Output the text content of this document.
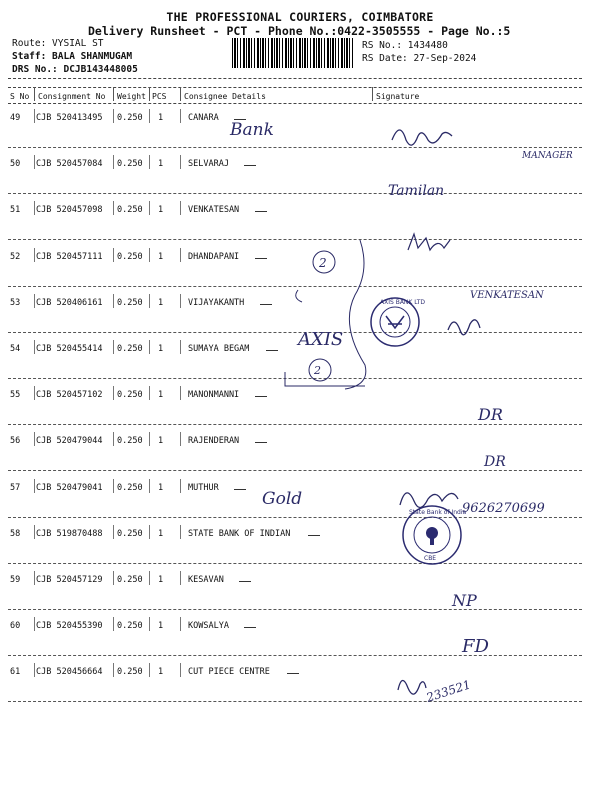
THE PROFESSIONAL COURIERS, COIMBATORE
Delivery Runsheet - PCT - Phone No.:0422-3505555 - Page No.:5
Route: VYSIAL ST
Staff: BALA SHANMUGAM
DRS No.: DCJB143448005
RS No.: 1434480
RS Date: 27-Sep-2024
S No Consignment No Weight PCS Consignee Details	Signature
49 CJB 520413495 0.250 1	CANARA
50 CJB 520457084 0.250 1	SELVARAJ
51 CJB 520457098 0.250 1	VENKATESAN
52 CJB 520457111 0.250 1	DHANDAPANI
53 CJB 520406161 0.250 1	VIJAYAKANTH
54 CJB 520455414 0.250 1	SUMAYA BEGAM
55 CJB 520457102 0.250 1	MANONMANNI
56 CJB 520479044 0.250 1	RAJENDERAN
57 CJB 520479041 0.250 1	MUTHUR
58 CJB 519870488 0.250 1	STATE BANK OF INDIAN
59 CJB 520457129 0.250 1	KESAVAN
60 CJB 520455390 0.250 1	KOWSALYA
61 CJB 520456664 0.250 1	CUT PIECE CENTRE
Bank
MANAGER
Tamilan
2
VENKATESAN
AXIS
2
DR
DR
Gold	9626270699
NP
FD
233521
AXIS BANK LTD
State Bank of India
CBE
